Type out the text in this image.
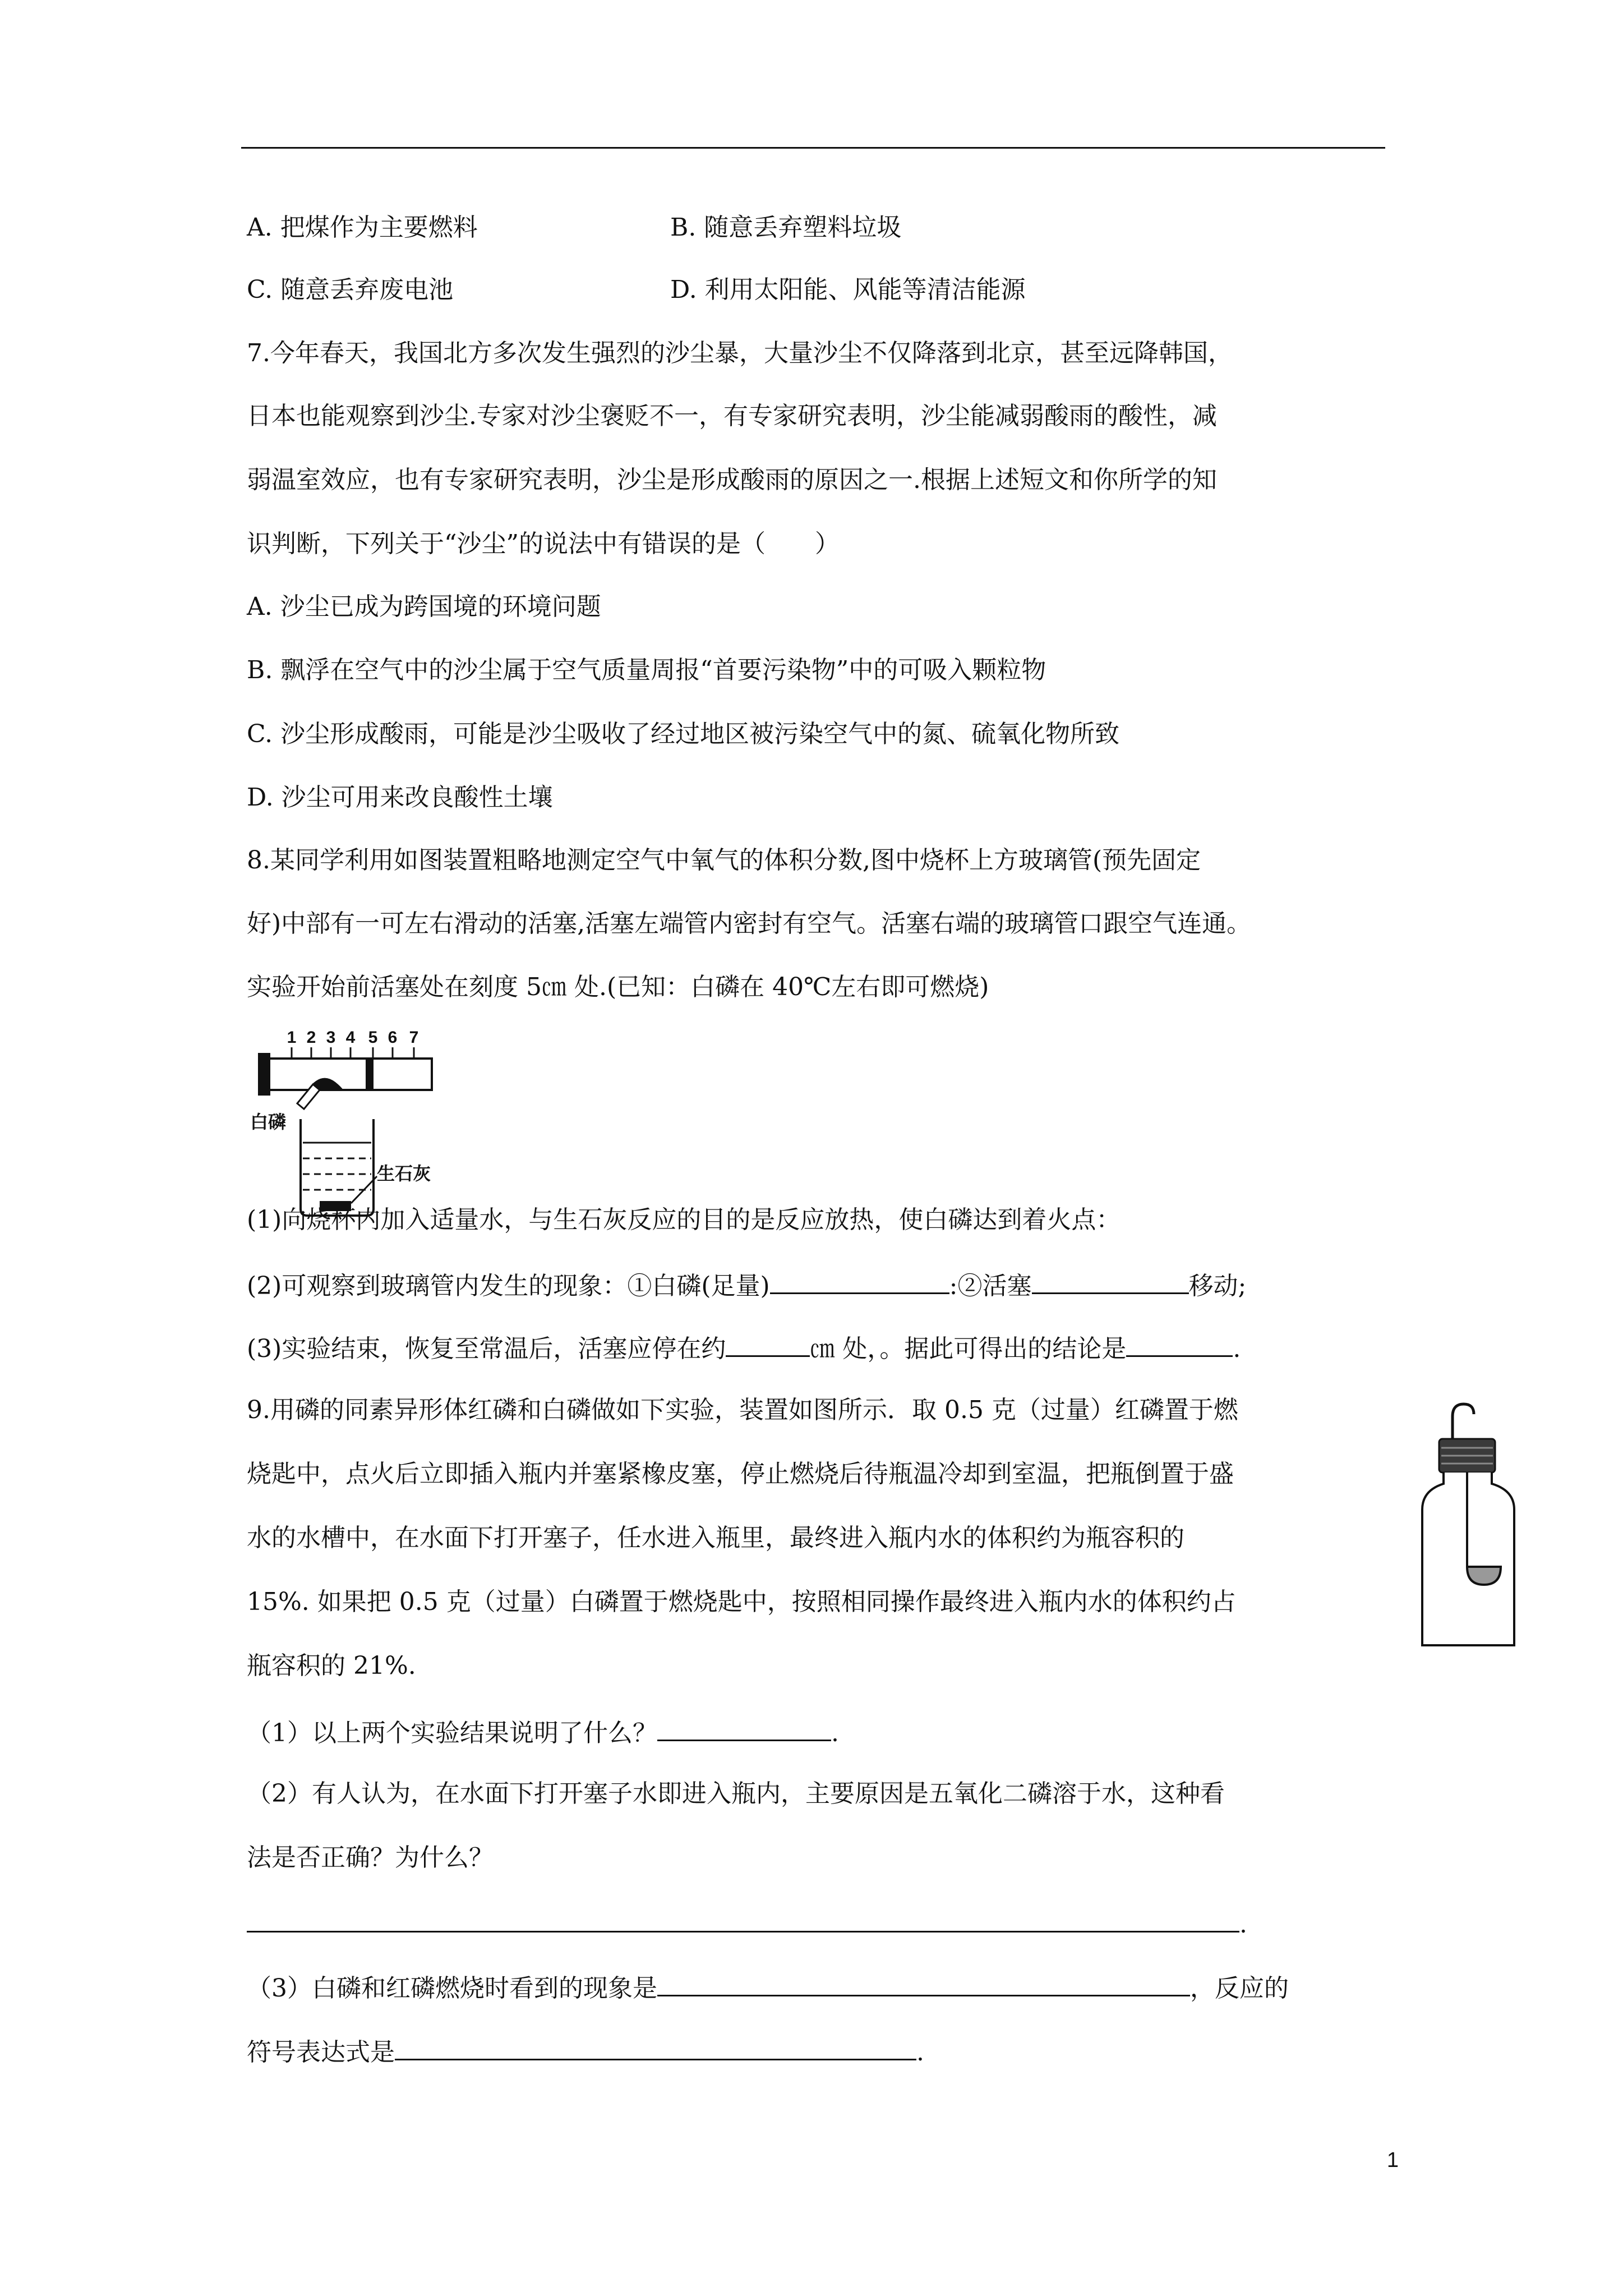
A. 把煤作为主要燃料	B. 随意丢弃塑料垃圾
C. 随意丢弃废电池	D. 利用太阳能、风能等清洁能源
7.今年春天，我国北方多次发生强烈的沙尘暴，大量沙尘不仅降落到北京，甚至远降韩国，
日本也能观察到沙尘.专家对沙尘褒贬不一，有专家研究表明，沙尘能减弱酸雨的酸性，减
弱温室效应，也有专家研究表明，沙尘是形成酸雨的原因之一.根据上述短文和你所学的知
识判断，下列关于“沙尘”的说法中有错误的是（　　）
A. 沙尘已成为跨国境的环境问题
B. 飘浮在空气中的沙尘属于空气质量周报“首要污染物”中的可吸入颗粒物
C. 沙尘形成酸雨，可能是沙尘吸收了经过地区被污染空气中的氮、硫氧化物所致
D. 沙尘可用来改良酸性土壤
8.某同学利用如图装置粗略地测定空气中氧气的体积分数,图中烧杯上方玻璃管(预先固定
好)中部有一可左右滑动的活塞,活塞左端管内密封有空气。活塞右端的玻璃管口跟空气连通。
实验开始前活塞处在刻度 5㎝ 处.(已知：白磷在 40℃左右即可燃烧)
1 2 3 4 5 6 7
白磷
生石灰
(1)向烧杯内加入适量水，与生石灰反应的目的是反应放热，使白磷达到着火点：
(2)可观察到玻璃管内发生的现象：①白磷(足量)	:②活塞	移动;
(3)实验结束，恢复至常温后，活塞应停在约	㎝ 处，。据此可得出的结论是	.
9.用磷的同素异形体红磷和白磷做如下实验，装置如图所示．取 0.5 克（过量）红磷置于燃
烧匙中，点火后立即插入瓶内并塞紧橡皮塞，停止燃烧后待瓶温冷却到室温，把瓶倒置于盛
水的水槽中，在水面下打开塞子，任水进入瓶里，最终进入瓶内水的体积约为瓶容积的
15%. 如果把 0.5 克（过量）白磷置于燃烧匙中，按照相同操作最终进入瓶内水的体积约占
瓶容积的 21%.
（1）以上两个实验结果说明了什么？	.
（2）有人认为，在水面下打开塞子水即进入瓶内，主要原因是五氧化二磷溶于水，这种看
法是否正确？为什么？
.
（3）白磷和红磷燃烧时看到的现象是	，反应的
符号表达式是	.
1
